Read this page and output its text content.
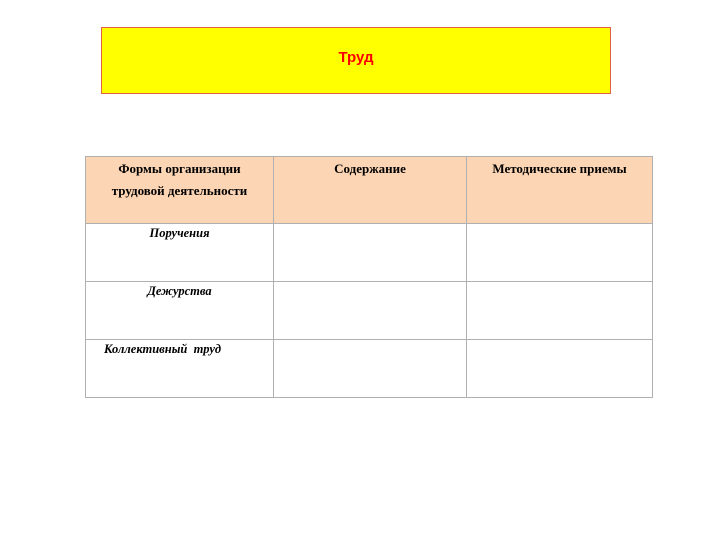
Труд
Формы организации трудовой деятельности	Содержание	Методические приемы

Поручения		

Дежурства		

Коллективный  труд		
